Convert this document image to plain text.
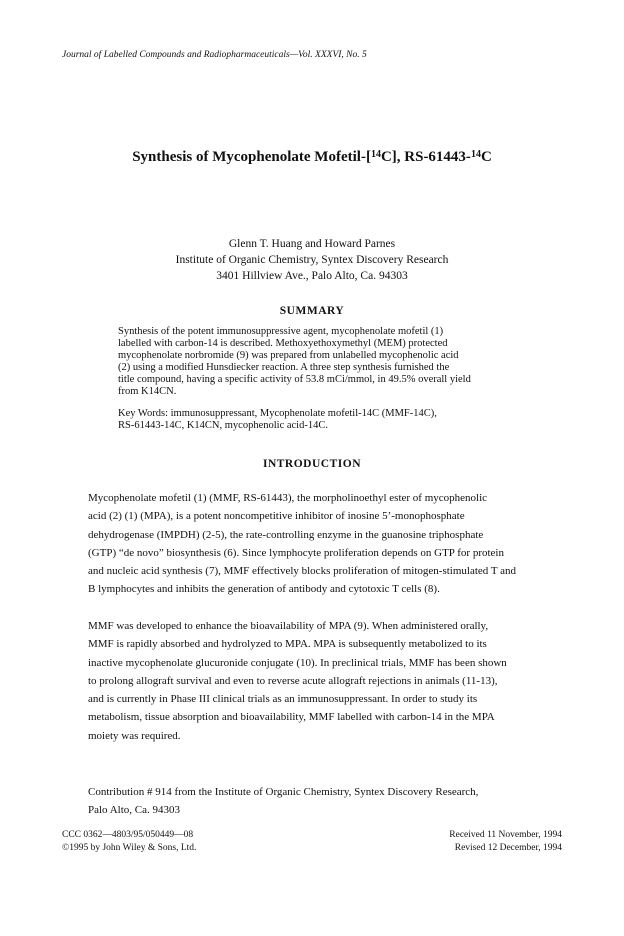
Journal of Labelled Compounds and Radiopharmaceuticals—Vol. XXXVI, No. 5
Synthesis of Mycophenolate Mofetil-[$^{14}$C], RS-61443-$^{14}$C
Glenn T. Huang and Howard Parnes
Institute of Organic Chemistry, Syntex Discovery Research
3401 Hillview Ave., Palo Alto, Ca. 94303
SUMMARY

Synthesis of the potent immunosuppressive agent, mycophenolate mofetil (1)
labelled with carbon-14 is described. Methoxyethoxymethyl (MEM) protected
mycophenolate norbromide (9) was prepared from unlabelled mycophenolic acid
(2) using a modified Hunsdiecker reaction. A three step synthesis furnished the
title compound, having a specific activity of 53.8 mCi/mmol, in 49.5% overall yield
from K14CN.

Key Words: immunosuppressant, Mycophenolate mofetil-14C (MMF-14C),
RS-61443-14C, K14CN, mycophenolic acid-14C.

INTRODUCTION

Mycophenolate mofetil (1) (MMF, RS-61443), the morpholinoethyl ester of mycophenolic
acid (2) (1) (MPA), is a potent noncompetitive inhibitor of inosine 5’-monophosphate
dehydrogenase (IMPDH) (2-5), the rate-controlling enzyme in the guanosine triphosphate
(GTP) “de novo” biosynthesis (6). Since lymphocyte proliferation depends on GTP for protein
and nucleic acid synthesis (7), MMF effectively blocks proliferation of mitogen-stimulated T and
B lymphocytes and inhibits the generation of antibody and cytotoxic T cells (8).

MMF was developed to enhance the bioavailability of MPA (9). When administered orally,
MMF is rapidly absorbed and hydrolyzed to MPA. MPA is subsequently metabolized to its
inactive mycophenolate glucuronide conjugate (10). In preclinical trials, MMF has been shown
to prolong allograft survival and even to reverse acute allograft rejections in animals (11-13),
and is currently in Phase III clinical trials as an immunosuppressant. In order to study its
metabolism, tissue absorption and bioavailability, MMF labelled with carbon-14 in the MPA
moiety was required.

Contribution # 914 from the Institute of Organic Chemistry, Syntex Discovery Research,
Palo Alto, Ca. 94303
CCC 0362—4803/95/050449—08
©1995 by John Wiley & Sons, Ltd.
Received 11 November, 1994
Revised 12 December, 1994
